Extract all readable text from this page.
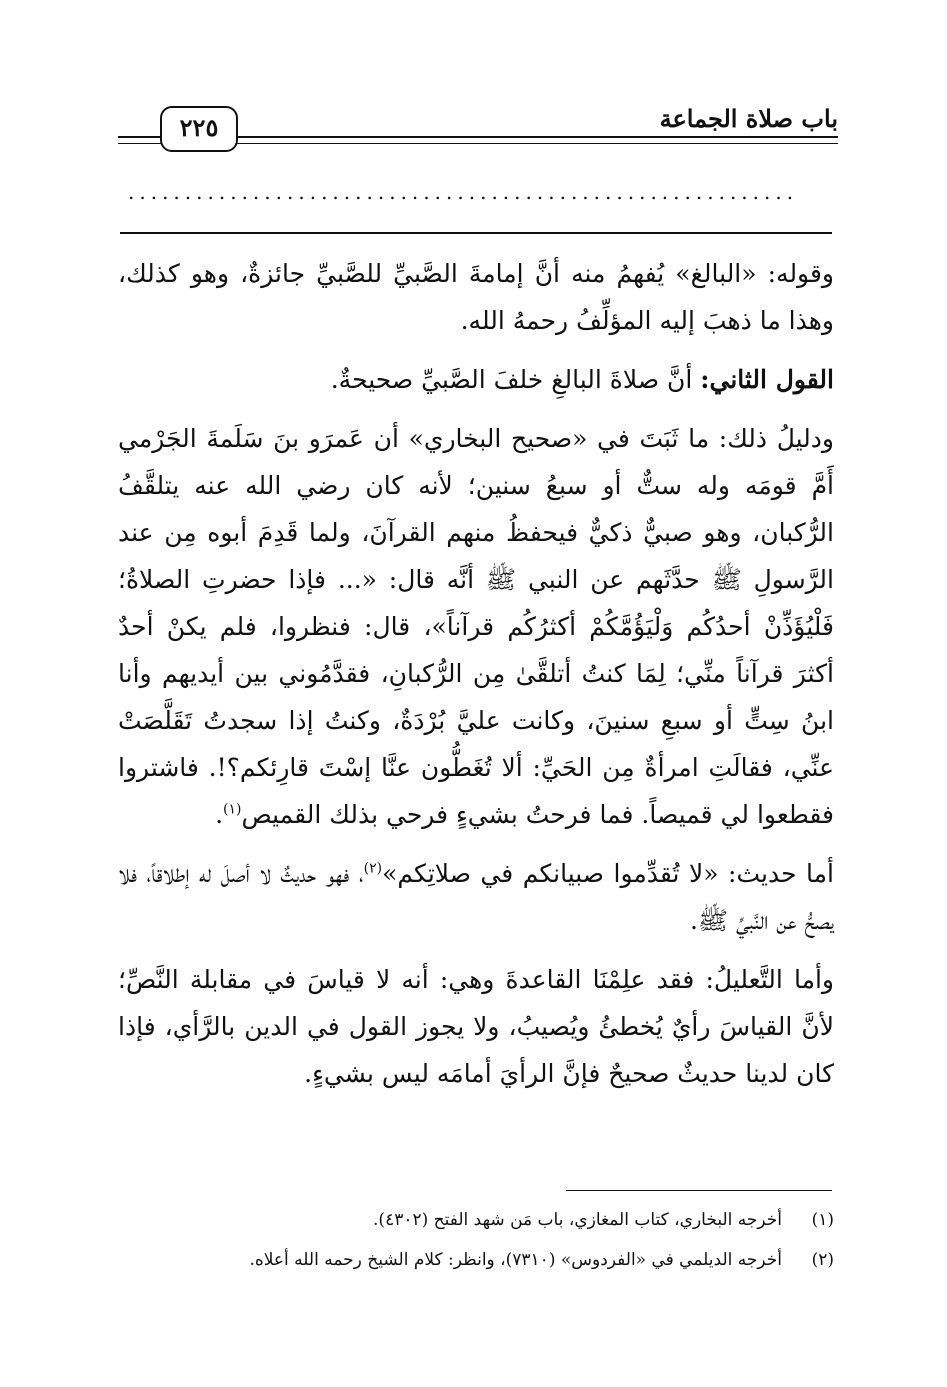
باب صلاة الجماعة
٢٢٥
...........................................................

وقوله: «البالغ» يُفهمُ منه أنَّ إمامةَ الصَّبيِّ للصَّبيِّ جائزةٌ، وهو كذلك، وهذا ما ذهبَ إليه المؤلِّفُ رحمهُ الله.

القول الثاني: أنَّ صلاةَ البالغِ خلفَ الصَّبيِّ صحيحةٌ.

ودليلُ ذلك: ما ثَبَتَ في «صحيح البخاري» أن عَمرَو بنَ سَلَمةَ الجَرْمي أَمَّ قومَه وله ستٌّ أو سبعُ سنين؛ لأنه كان رضي الله عنه يتلقَّفُ الرُّكبان، وهو صبيٌّ ذكيٌّ فيحفظُ منهم القرآنَ، ولما قَدِمَ أبوه مِن عند الرَّسولِ ﷺ حدَّثَهم عن النبي ﷺ أنَّه قال: «... فإذا حضرتِ الصلاةُ؛ فَلْيُؤَذِّنْ أحدُكُم وَلْيَؤُمَّكُمْ أكثرُكُم قرآناً»، قال: فنظروا، فلم يكنْ أحدٌ أكثرَ قرآناً منِّي؛ لِمَا كنتُ أتلقَّىٰ مِن الرُّكبانِ، فقدَّمُوني بين أيديهم وأنا ابنُ سِتٍّ أو سبعِ سنينَ، وكانت عليَّ بُرْدَةٌ، وكنتُ إذا سجدتُ تَقَلَّصَتْ عنِّي، فقالَتِ امرأةٌ مِن الحَيِّ: ألا تُغَطُّون عنَّا إسْتَ قارِئكم؟!. فاشتروا فقطعوا لي قميصاً. فما فرحتُ بشيءٍ فرحي بذلك القميص$^{(١)}$.

أما حديث: «لا تُقدِّموا صبيانكم في صلاتِكم»$^{(٢)}$، فهو حديثٌ لا أصلَ له إطلاقاً، فلا يصحُّ عن النَّبيِّ ﷺ.

وأما التَّعليلُ: فقد علِمْنَا القاعدةَ وهي: أنه لا قياسَ في مقابلة النَّصِّ؛ لأنَّ القياسَ رأيٌ يُخطئُ ويُصيبُ، ولا يجوز القول في الدين بالرَّأي، فإذا كان لدينا حديثٌ صحيحٌ فإنَّ الرأيَ أمامَه ليس بشيءٍ.

(١)
أخرجه البخاري، كتاب المغازي، باب مَن شهد الفتح (٤٣٠٢).
(٢)
أخرجه الديلمي في «الفردوس» (٧٣١٠)، وانظر: كلام الشيخ رحمه الله أعلاه.
